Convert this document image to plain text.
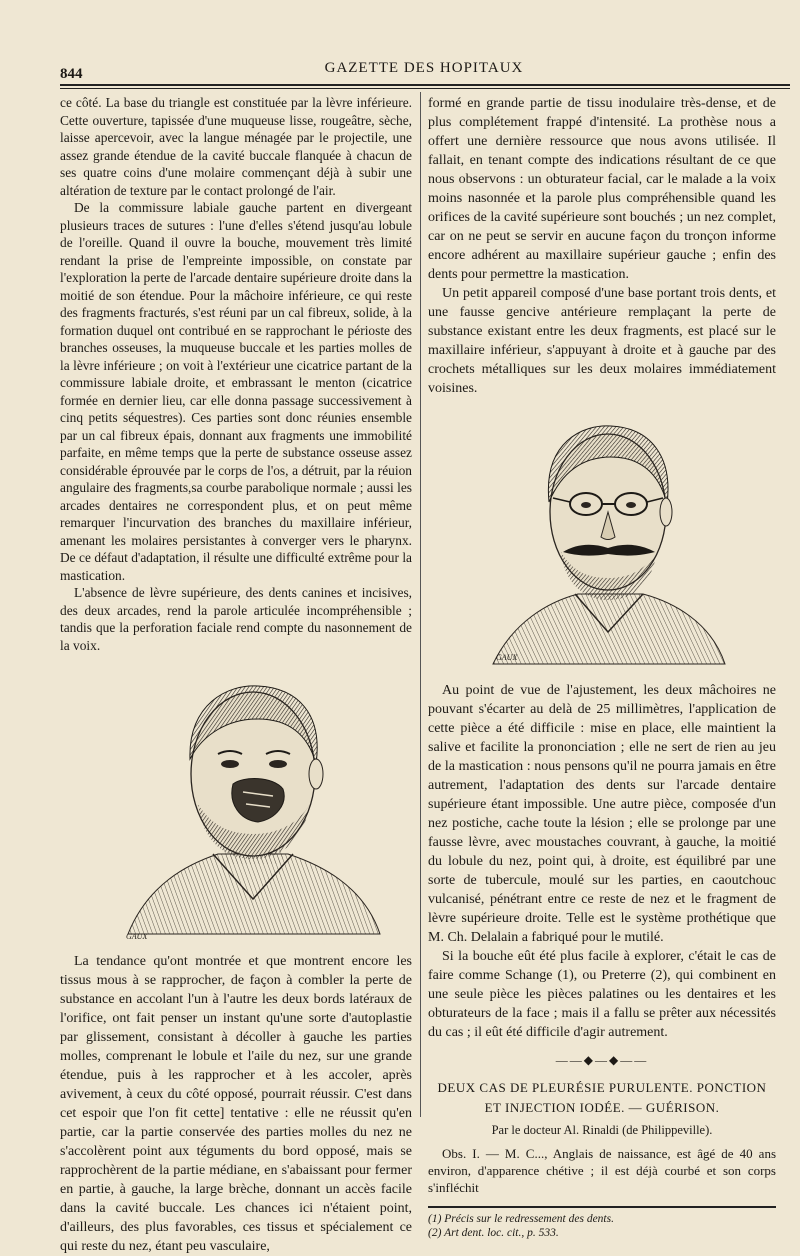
844	GAZETTE DES HOPITAUX

ce côté. La base du triangle est constituée par la lèvre inférieure. Cette ouverture, tapissée d'une muqueuse lisse, rougeâtre, sèche, laisse apercevoir, avec la langue ménagée par le projectile, une assez grande étendue de la cavité buccale flanquée à chacun de ses quatre coins d'une molaire commençant déjà à subir une altération de texture par le contact prolongé de l'air.

De la commissure labiale gauche partent en divergeant plusieurs traces de sutures : l'une d'elles s'étend jusqu'au lobule de l'oreille. Quand il ouvre la bouche, mouvement très limité rendant la prise de l'empreinte impossible, on constate par l'exploration la perte de l'arcade dentaire supérieure droite dans la moitié de son étendue. Pour la mâchoire inférieure, ce qui reste des fragments fracturés, s'est réuni par un cal fibreux, solide, à la formation duquel ont contribué en se rapprochant le périoste des branches osseuses, la muqueuse buccale et les parties molles de la lèvre inférieure ; on voit à l'extérieur une cicatrice partant de la commissure labiale droite, et embrassant le menton (cicatrice formée en dernier lieu, car elle donna passage successivement à cinq petits séquestres). Ces parties sont donc réunies ensemble par un cal fibreux épais, donnant aux fragments une immobilité parfaite, en même temps que la perte de substance osseuse assez considérable éprouvée par le corps de l'os, a détruit, par la réuion angulaire des fragments,sa courbe parabolique normale ; aussi les arcades dentaires ne correspondent plus, et on peut même remarquer l'incurvation des branches du maxillaire inférieur, amenant les molaires persistantes à converger vers le pharynx. De ce défaut d'adaptation, il résulte une difficulté extrême pour la mastication.

L'absence de lèvre supérieure, des dents canines et incisives, des deux arcades, rend la parole articulée incompréhensible ; tandis que la perforation faciale rend compte du nasonnement de la voix.

GAUX

La tendance qu'ont montrée et que montrent encore les tissus mous à se rapprocher, de façon à combler la perte de substance en accolant l'un à l'autre les deux bords latéraux de l'orifice, ont fait penser un instant qu'une sorte d'autoplastie par glissement, consistant à décoller à gauche les parties molles, comprenant le lobule et l'aile du nez, sur une grande étendue, puis à les rapprocher et à les accoler, après avivement, à ceux du côté opposé, pourrait réussir. C'est dans cet espoir que l'on fit cette] tentative : elle ne réussit qu'en partie, car la partie conservée des parties molles du nez ne s'accolèrent point aux téguments du bord opposé, mais se rapprochèrent de la partie médiane, en s'abaissant pour fermer en partie, à gauche, la large brèche, donnant un accès facile dans la cavité buccale. Les chances ici n'étaient point, d'ailleurs, des plus favorables, ces tissus et spécialement ce qui reste du nez, étant peu vasculaire,

formé en grande partie de tissu inodulaire très-dense, et de plus complétement frappé d'intensité. La prothèse nous a offert une dernière ressource que nous avons utilisée. Il fallait, en tenant compte des indications résultant de ce que nous observons : un obturateur facial, car le malade a la voix moins nasonnée et la parole plus compréhensible quand les orifices de la cavité supérieure sont bouchés ; un nez complet, car on ne peut se servir en aucune façon du tronçon informe encore adhérent au maxillaire supérieur gauche ; enfin des dents pour permettre la mastication.

Un petit appareil composé d'une base portant trois dents, et une fausse gencive antérieure remplaçant la perte de substance existant entre les deux fragments, est placé sur le maxillaire inférieur, s'appuyant à droite et à gauche par des crochets métalliques sur les deux molaires immédiatement voisines.

GAUX

Au point de vue de l'ajustement, les deux mâchoires ne pouvant s'écarter au delà de 25 millimètres, l'application de cette pièce a été difficile : mise en place, elle maintient la salive et facilite la prononciation ; elle ne sert de rien au jeu de la mastication : nous pensons qu'il ne pourra jamais en être autrement, l'adaptation des dents sur l'arcade dentaire supérieure étant impossible. Une autre pièce, composée d'un nez postiche, cache toute la lésion ; elle se prolonge par une fausse lèvre, avec moustaches couvrant, à gauche, la moitié du lobule du nez, point qui, à droite, est équilibré par une sorte de tubercule, moulé sur les parties, en caoutchouc vulcanisé, pénétrant entre ce reste de nez et le fragment de lèvre supérieure droite. Telle est le système prothétique que M. Ch. Delalain a fabriqué pour le mutilé.

Si la bouche eût été plus facile à explorer, c'était le cas de faire comme Schange (1), ou Preterre (2), qui combinent en une seule pièce les pièces palatines ou les dentaires et les obturateurs de la face ; mais il a fallu se prêter aux nécessités du cas ; il eût été difficile d'agir autrement.

——◆—◆——
DEUX CAS DE PLEURÉSIE PURULENTE. PONCTION
ET INJECTION IODÉE. — GUÉRISON.
Par le docteur Al. Rinaldi (de Philippeville).

Obs. I. — M. C..., Anglais de naissance, est âgé de 40 ans environ, d'apparence chétive ; il est déjà courbé et son corps s'infléchit

(1) Précis sur le redressement des dents.
(2) Art dent. loc. cit., p. 533.
